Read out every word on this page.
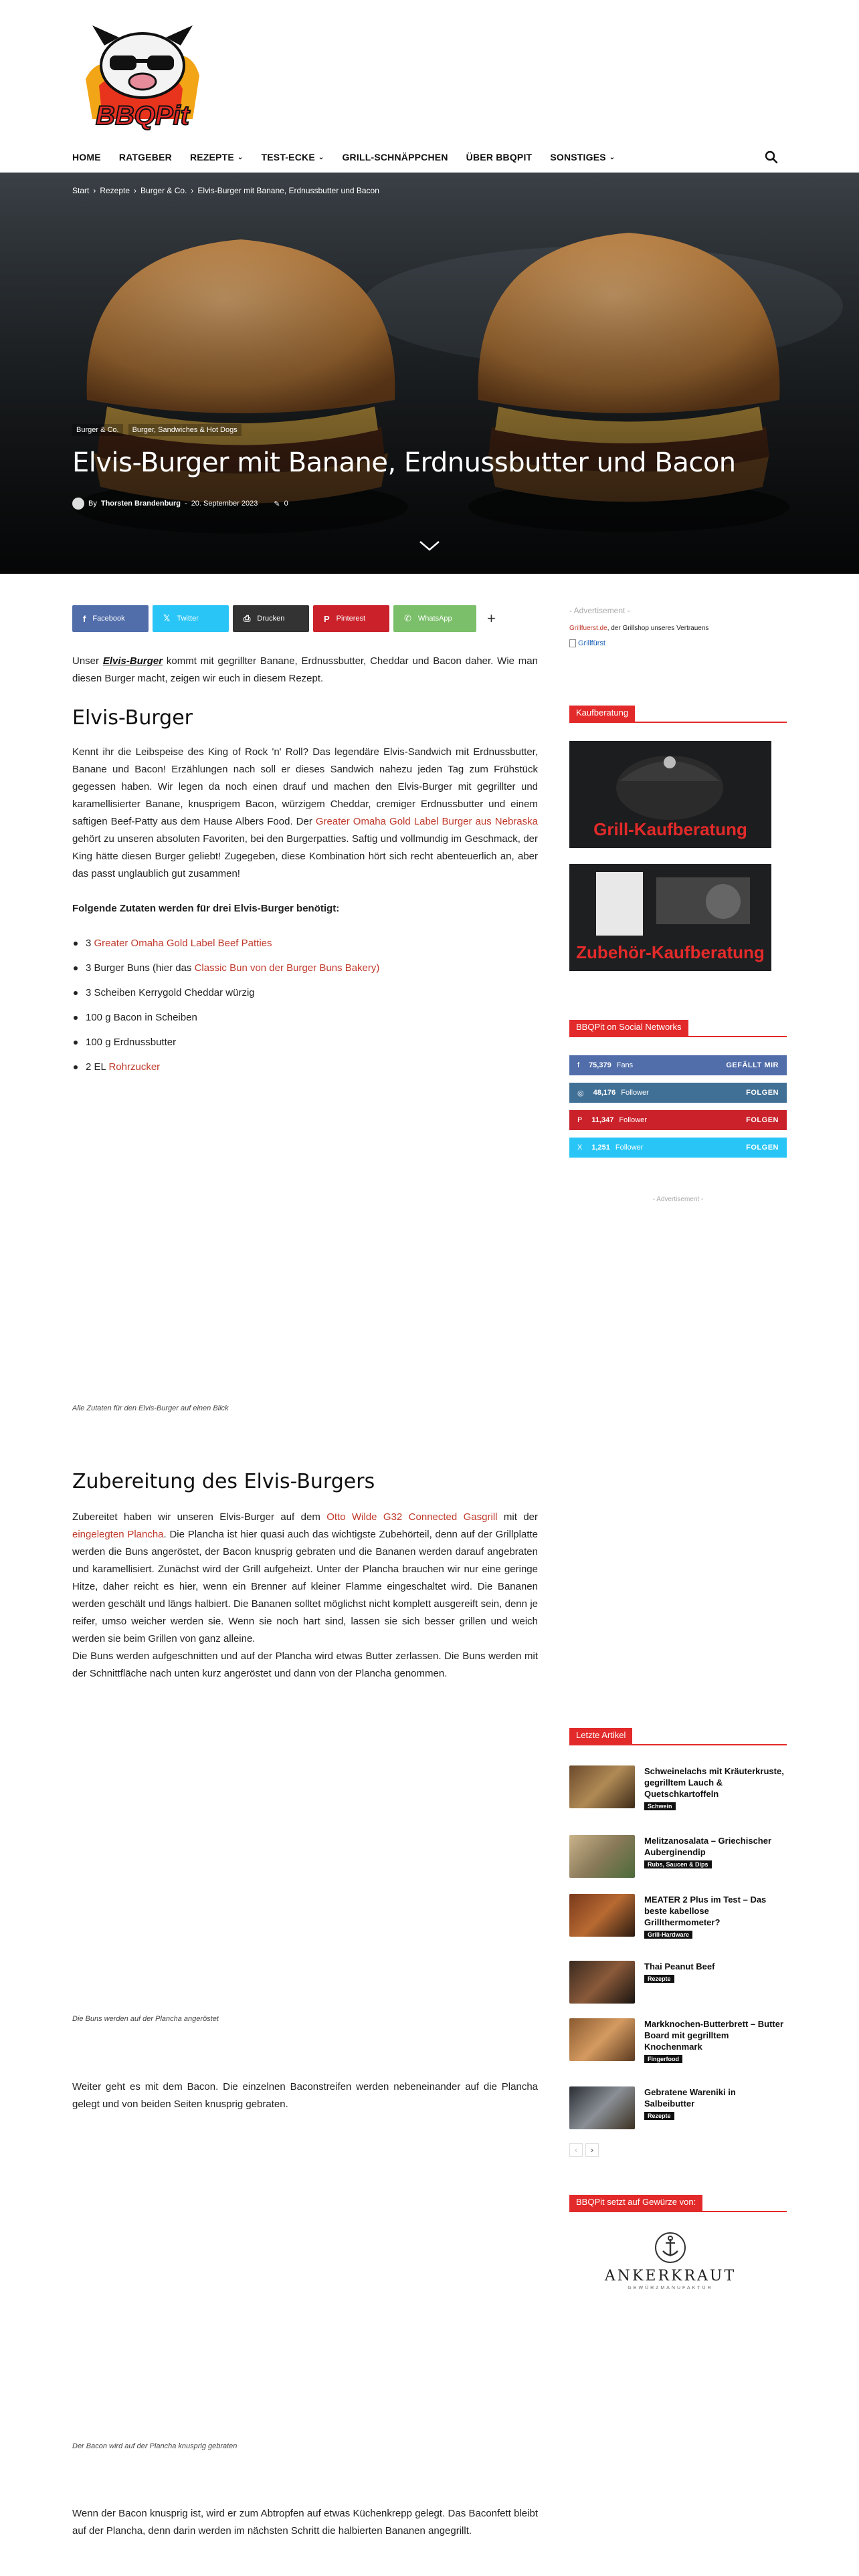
BBQPit
HOME RATGEBER REZEPTE ⌄ TEST-ECKE ⌄ GRILL-SCHNÄPPCHEN ÜBER BBQPIT SONSTIGES ⌄
Start › Rezepte › Burger & Co. › Elvis-Burger mit Banane, Erdnussbutter und Bacon
Burger & Co.	Burger, Sandwiches & Hot Dogs
Elvis-Burger mit Banane, Erdnussbutter und Bacon
By Thorsten Brandenburg - 20. September 2023 ✎ 0
f Facebook	𝕏 Twitter	⎙ Drucken	P Pinterest	✆ WhatsApp +

Unser Elvis-Burger kommt mit gegrillter Banane, Erdnussbutter, Cheddar und Bacon daher. Wie man diesen Burger macht, zeigen wir euch in diesem Rezept.

Elvis-Burger

Kennt ihr die Leibspeise des King of Rock 'n' Roll? Das legendäre Elvis-Sandwich mit Erdnussbutter, Banane und Bacon! Erzählungen nach soll er dieses Sandwich nahezu jeden Tag zum Frühstück gegessen haben. Wir legen da noch einen drauf und machen den Elvis-Burger mit gegrillter und karamellisierter Banane, knusprigem Bacon, würzigem Cheddar, cremiger Erdnussbutter und einem saftigen Beef-Patty aus dem Hause Albers Food. Der Greater Omaha Gold Label Burger aus Nebraska gehört zu unseren absoluten Favoriten, bei den Burgerpatties. Saftig und vollmundig im Geschmack, der King hätte diesen Burger geliebt! Zugegeben, diese Kombination hört sich recht abenteuerlich an, aber das passt unglaublich gut zusammen!

Folgende Zutaten werden für drei Elvis-Burger benötigt:

3 Greater Omaha Gold Label Beef Patties
3 Burger Buns (hier das Classic Bun von der Burger Buns Bakery)
3 Scheiben Kerrygold Cheddar würzig
100 g Bacon in Scheiben
100 g Erdnussbutter
2 EL Rohrzucker

Alle Zutaten für den Elvis-Burger auf einen Blick

Zubereitung des Elvis-Burgers

Zubereitet haben wir unseren Elvis-Burger auf dem Otto Wilde G32 Connected Gasgrill mit der eingelegten Plancha. Die Plancha ist hier quasi auch das wichtigste Zubehörteil, denn auf der Grillplatte werden die Buns angeröstet, der Bacon knusprig gebraten und die Bananen werden darauf angebraten und karamellisiert. Zunächst wird der Grill aufgeheizt. Unter der Plancha brauchen wir nur eine geringe Hitze, daher reicht es hier, wenn ein Brenner auf kleiner Flamme eingeschaltet wird. Die Bananen werden geschält und längs halbiert. Die Bananen solltet möglichst nicht komplett ausgereift sein, denn je reifer, umso weicher werden sie. Wenn sie noch hart sind, lassen sie sich besser grillen und weich werden sie beim Grillen von ganz alleine.
Die Buns werden aufgeschnitten und auf der Plancha wird etwas Butter zerlassen. Die Buns werden mit der Schnittfläche nach unten kurz angeröstet und dann von der Plancha genommen.

Die Buns werden auf der Plancha angeröstet

Weiter geht es mit dem Bacon. Die einzelnen Baconstreifen werden nebeneinander auf die Plancha gelegt und von beiden Seiten knusprig gebraten.

Der Bacon wird auf der Plancha knusprig gebraten

Wenn der Bacon knusprig ist, wird er zum Abtropfen auf etwas Küchenkrepp gelegt. Das Baconfett bleibt auf der Plancha, denn darin werden im nächsten Schritt die halbierten Bananen angegrillt.

- Advertisement -
Grillfuerst.de, der Grillshop unseres Vertrauens
Grillfürst
Kaufberatung
Grill-Kaufberatung
Zubehör-Kaufberatung
BBQPit on Social Networks
f 75,379 Fans	GEFÄLLT MIR
◎ 48,176 Follower	FOLGEN
P 11,347 Follower	FOLGEN
X 1,251 Follower	FOLGEN
- Advertisement -
Letzte Artikel
Schweinelachs mit Kräuterkruste, gegrilltem Lauch & Quetschkartoffeln
Schwein
Melitzanosalata – Griechischer Auberginendip
Rubs, Saucen & Dips
MEATER 2 Plus im Test – Das beste kabellose Grillthermometer?
Grill-Hardware
Thai Peanut Beef
Rezepte
Markknochen-Butterbrett – Butter Board mit gegrilltem Knochenmark
Fingerfood
Gebratene Wareniki in Salbeibutter
Rezepte
‹	›
BBQPit setzt auf Gewürze von:
ANKERKRAUT
GEWÜRZMANUFAKTUR
